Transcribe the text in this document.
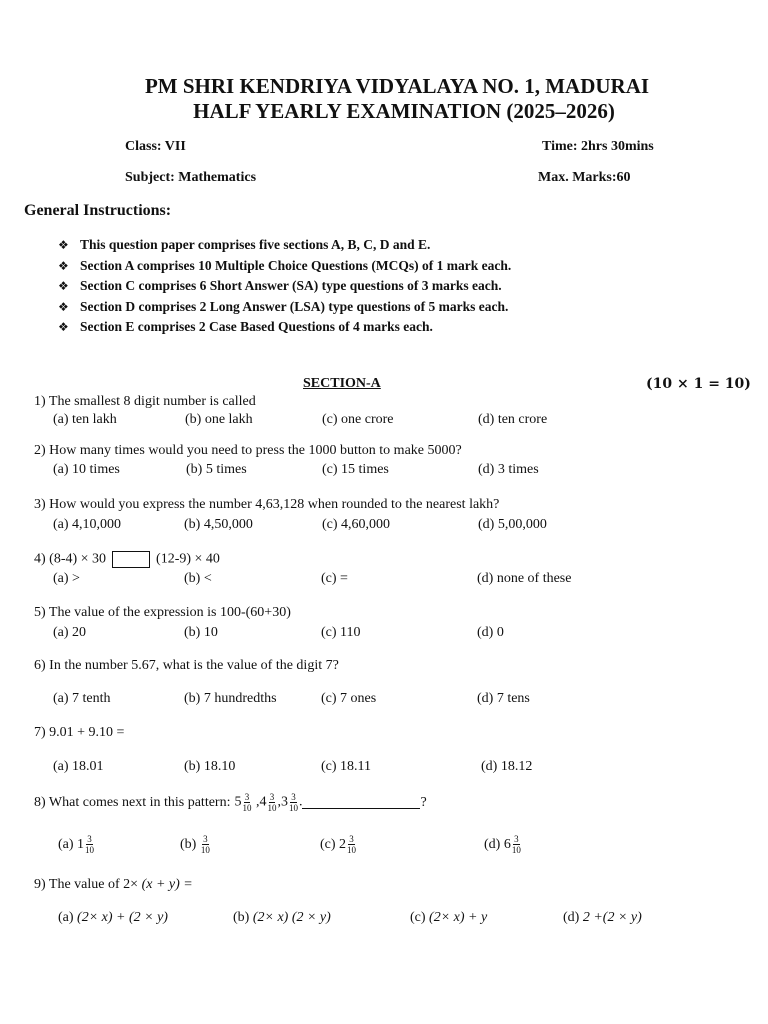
PM SHRI KENDRIYA VIDYALAYA NO. 1, MADURAI
HALF YEARLY EXAMINATION (2025–2026)
Class: VII	Time: 2hrs 30mins
Subject: Mathematics	Max. Marks:60
General Instructions:
❖ This question paper comprises five sections A, B, C, D and E.
❖ Section A comprises 10 Multiple Choice Questions (MCQs) of 1 mark each.
❖ Section C comprises 6 Short Answer (SA) type questions of 3 marks each.
❖ Section D comprises 2 Long Answer (LSA) type questions of 5 marks each.
❖ Section E comprises 2 Case Based Questions of 4 marks each.
SECTION-A	(10 × 1 = 10)
1) The smallest 8 digit number is called
(a) ten lakh	(b) one lakh	(c) one crore	(d) ten crore
2) How many times would you need to press the 1000 button to make 5000?
(a) 10 times	(b) 5 times	(c) 15 times	(d) 3 times
3) How would you express the number 4,63,128 when rounded to the nearest lakh?
(a) 4,10,000	(b) 4,50,000	(c) 4,60,000	(d) 5,00,000
4) (8-4) × 30	(12-9) × 40
(a) >	(b) <	(c) =	(d) none of these
5) The value of the expression is 100-(60+30)
(a) 20	(b) 10	(c) 110	(d) 0
6) In the number 5.67, what is the value of the digit 7?
(a) 7 tenth	(b) 7 hundredths	(c) 7 ones	(d) 7 tens
7) 9.01 + 9.10 =
(a) 18.01	(b) 18.10	(c) 18.11	(d) 18.12
8) What comes next in this pattern: $5 \frac{3}{10}$ , $4 \frac{3}{10}$ , $3 \frac{3}{10}$ .	?
(a)
$1 \frac{3}{10}$	(b)
$\frac{3}{10}$	(c)
$2 \frac{3}{10}$	(d)
$6 \frac{3}{10}$
9) The value of 2× (x + y) =
(a) (2× x) + (2 × y)	(b) (2× x) (2 × y)	(c) (2× x) + y	(d) 2 +(2 × y)
